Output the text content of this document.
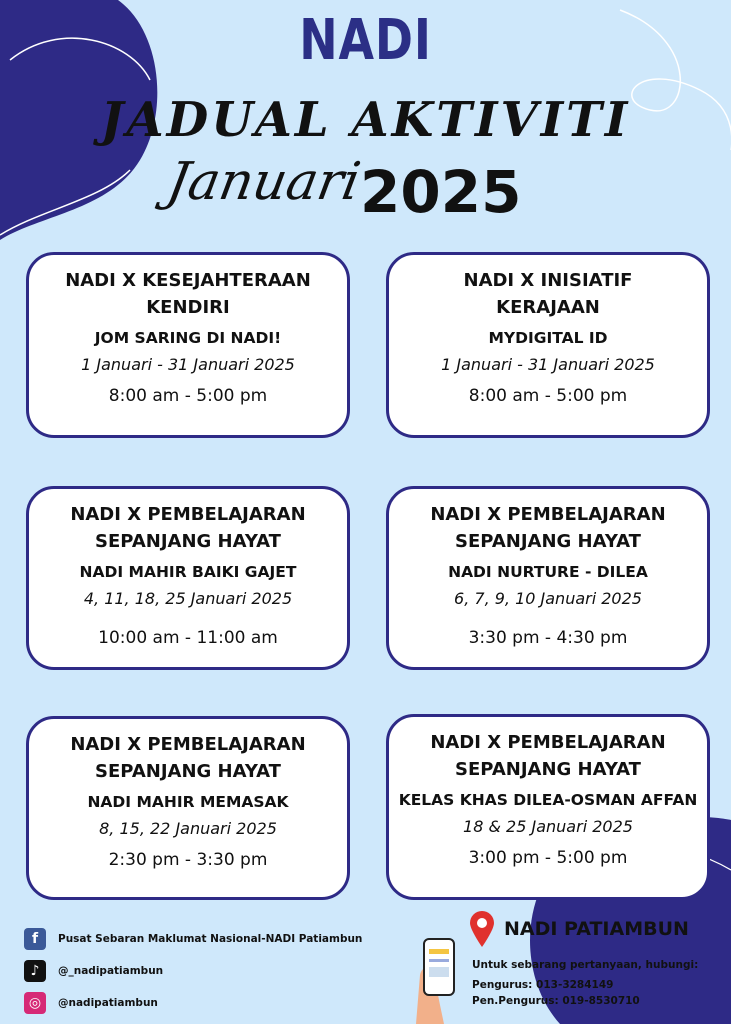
NADI
JADUAL AKTIVITI
Januari
2025
NADI X KESEJAHTERAAN
KENDIRI
JOM SARING DI NADI!
1 Januari - 31 Januari 2025
8:00 am - 5:00 pm
NADI X INISIATIF
KERAJAAN
MYDIGITAL ID
1 Januari - 31 Januari 2025
8:00 am - 5:00 pm
NADI X PEMBELAJARAN
SEPANJANG HAYAT
NADI MAHIR BAIKI GAJET
4, 11, 18, 25 Januari 2025
10:00 am - 11:00 am
NADI X PEMBELAJARAN
SEPANJANG HAYAT
NADI NURTURE - DILEA
6, 7, 9, 10 Januari 2025
3:30 pm - 4:30 pm
NADI X PEMBELAJARAN
SEPANJANG HAYAT
NADI MAHIR MEMASAK
8, 15, 22 Januari 2025
2:30 pm - 3:30 pm
NADI X PEMBELAJARAN
SEPANJANG HAYAT
KELAS KHAS DILEA-OSMAN AFFAN
18 & 25 Januari 2025
3:00 pm - 5:00 pm
f	Pusat Sebaran Maklumat Nasional-NADI Patiambun
♪	@_nadipatiambun
◎	@nadipatiambun
NADI PATIAMBUN
Untuk sebarang pertanyaan, hubungi:
Pengurus: 013-3284149
Pen.Pengurus: 019-8530710
